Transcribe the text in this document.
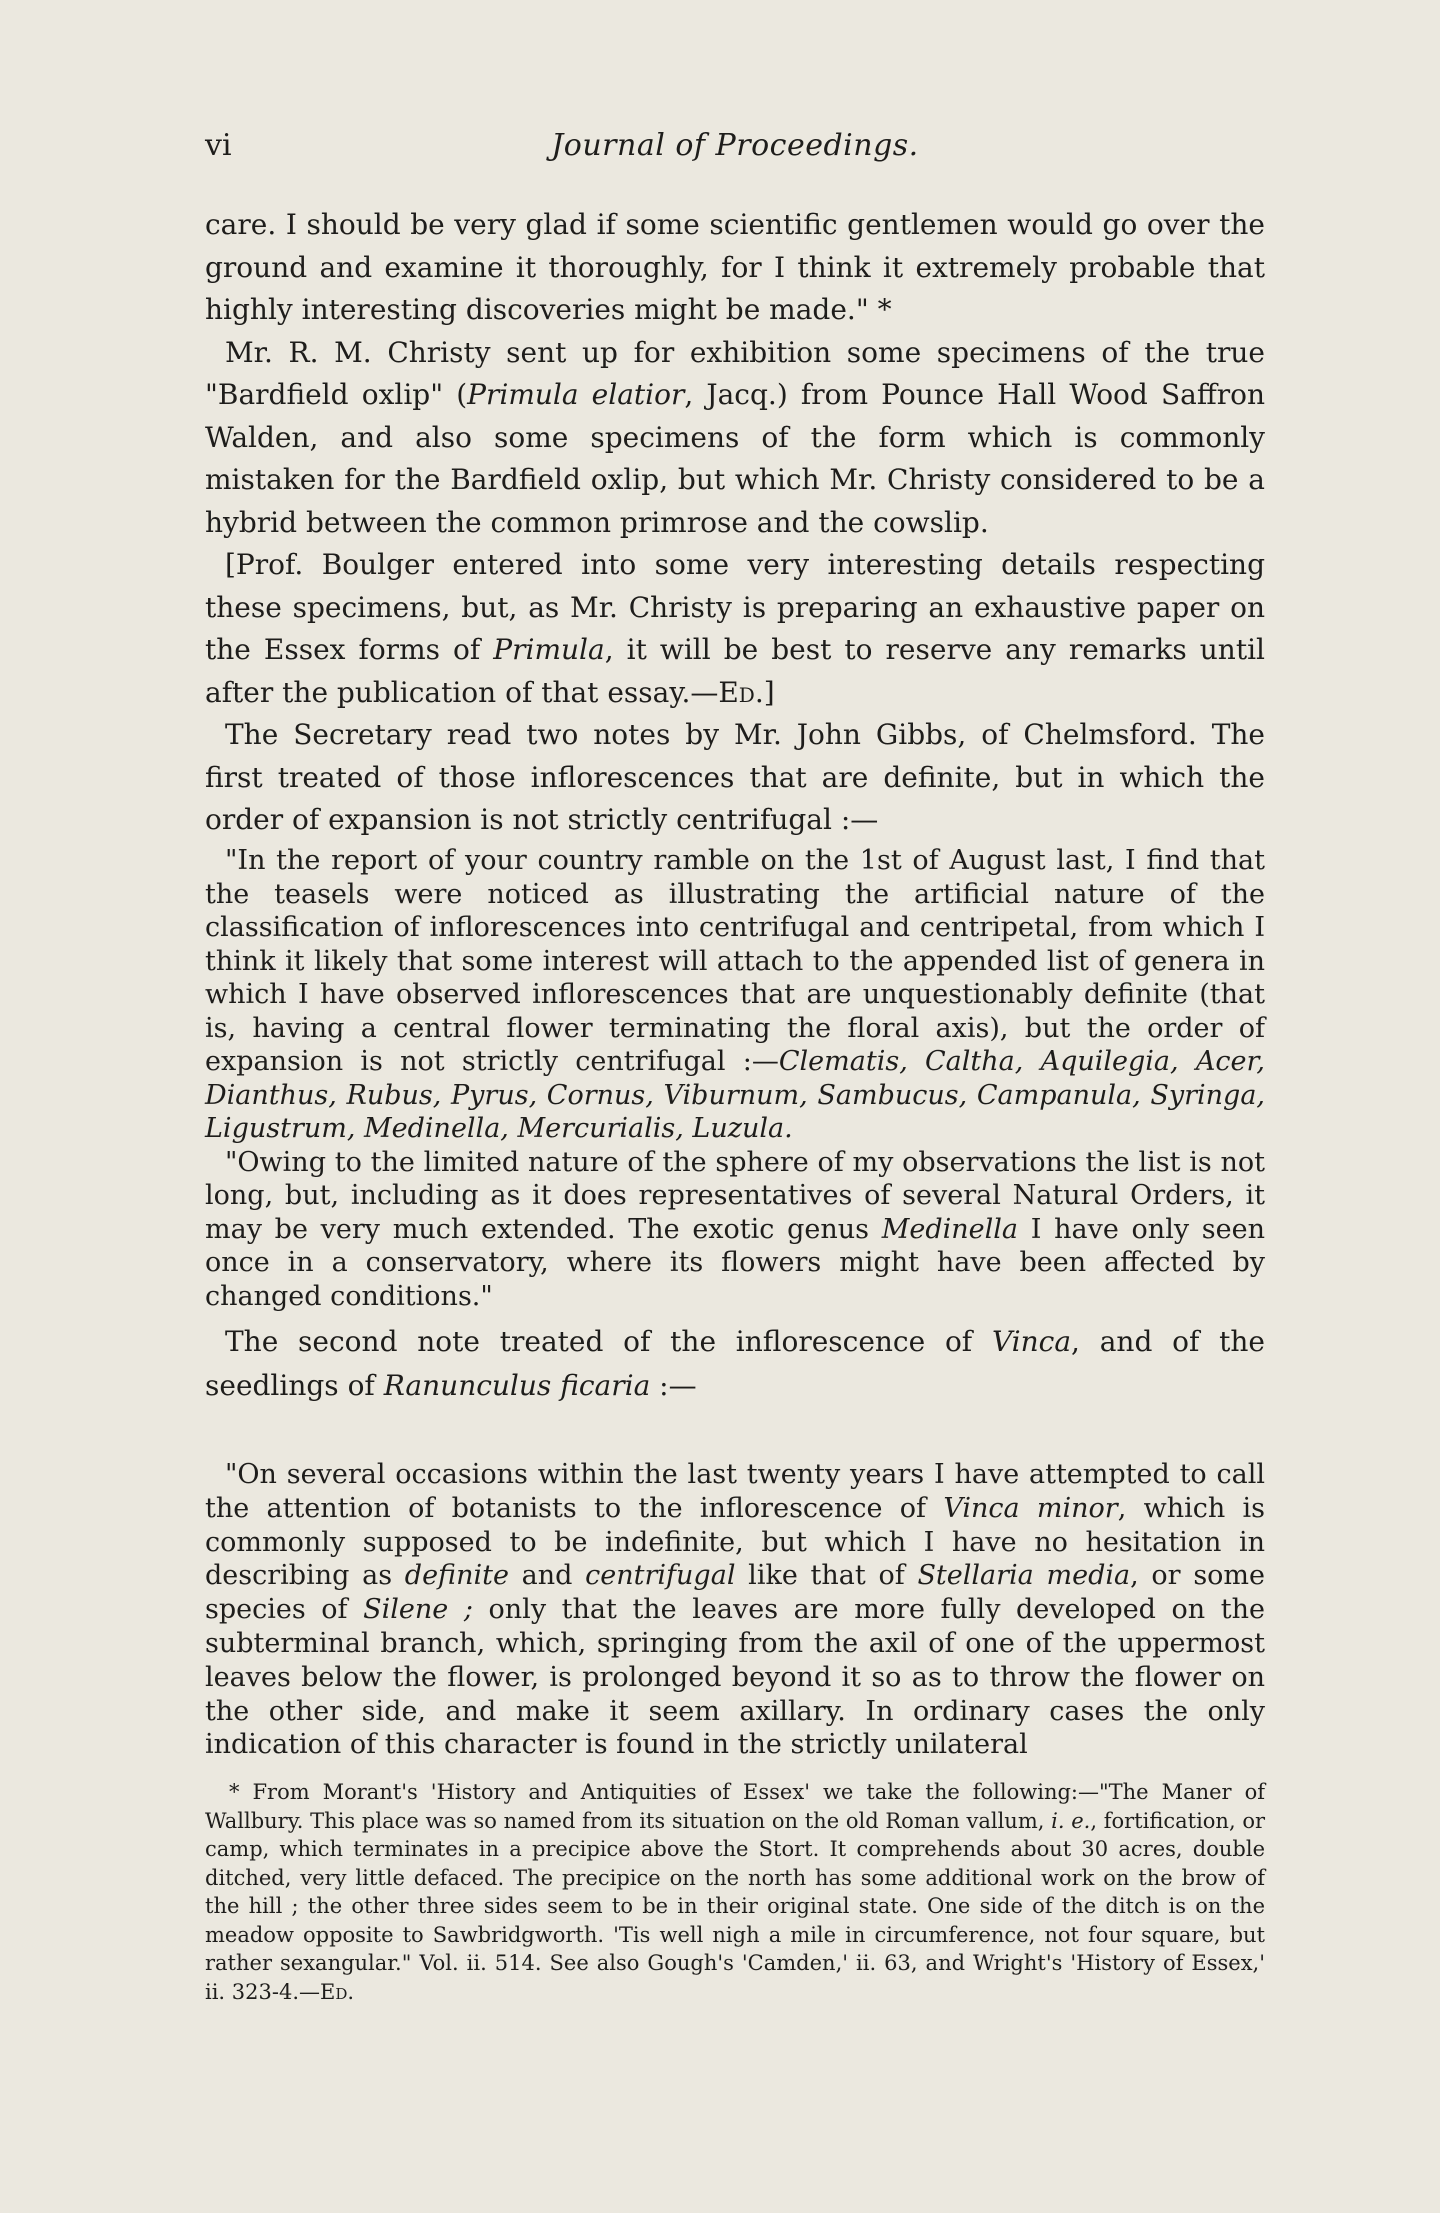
vi	Journal of Proceedings.

care. I should be very glad if some scientific gentlemen would go over the ground and examine it thoroughly, for I think it extremely probable that highly interesting discoveries might be made." *

Mr. R. M. Christy sent up for exhibition some specimens of the true "Bardfield oxlip" (Primula elatior, Jacq.) from Pounce Hall Wood Saffron Walden, and also some specimens of the form which is commonly mistaken for the Bardfield oxlip, but which Mr. Christy considered to be a hybrid between the common primrose and the cowslip.

[Prof. Boulger entered into some very interesting details respecting these specimens, but, as Mr. Christy is preparing an exhaustive paper on the Essex forms of Primula, it will be best to reserve any remarks until after the publication of that essay.—Ed.]

The Secretary read two notes by Mr. John Gibbs, of Chelmsford. The first treated of those inflorescences that are definite, but in which the order of expansion is not strictly centrifugal :—

"In the report of your country ramble on the 1st of August last, I find that the teasels were noticed as illustrating the artificial nature of the classification of inflorescences into centrifugal and centripetal, from which I think it likely that some interest will attach to the appended list of genera in which I have observed inflorescences that are unquestionably definite (that is, having a central flower terminating the floral axis), but the order of expansion is not strictly centrifugal :—Clematis, Caltha, Aquilegia, Acer, Dianthus, Rubus, Pyrus, Cornus, Viburnum, Sambucus, Campanula, Syringa, Ligustrum, Medinella, Mercurialis, Luzula.

"Owing to the limited nature of the sphere of my observations the list is not long, but, including as it does representatives of several Natural Orders, it may be very much extended. The exotic genus Medinella I have only seen once in a conservatory, where its flowers might have been affected by changed conditions."

The second note treated of the inflorescence of Vinca, and of the seedlings of Ranunculus ficaria :—

"On several occasions within the last twenty years I have attempted to call the attention of botanists to the inflorescence of Vinca minor, which is commonly supposed to be indefinite, but which I have no hesitation in describing as definite and centrifugal like that of Stellaria media, or some species of Silene ; only that the leaves are more fully developed on the subterminal branch, which, springing from the axil of one of the uppermost leaves below the flower, is prolonged beyond it so as to throw the flower on the other side, and make it seem axillary. In ordinary cases the only indication of this character is found in the strictly unilateral

* From Morant's 'History and Antiquities of Essex' we take the following:—"The Maner of Wallbury. This place was so named from its situation on the old Roman vallum, i. e., fortification, or camp, which terminates in a precipice above the Stort. It comprehends about 30 acres, double ditched, very little defaced. The precipice on the north has some additional work on the brow of the hill ; the other three sides seem to be in their original state. One side of the ditch is on the meadow opposite to Sawbridgworth. 'Tis well nigh a mile in circumference, not four square, but rather sexangular." Vol. ii. 514. See also Gough's 'Camden,' ii. 63, and Wright's 'History of Essex,' ii. 323-4.—Ed.
